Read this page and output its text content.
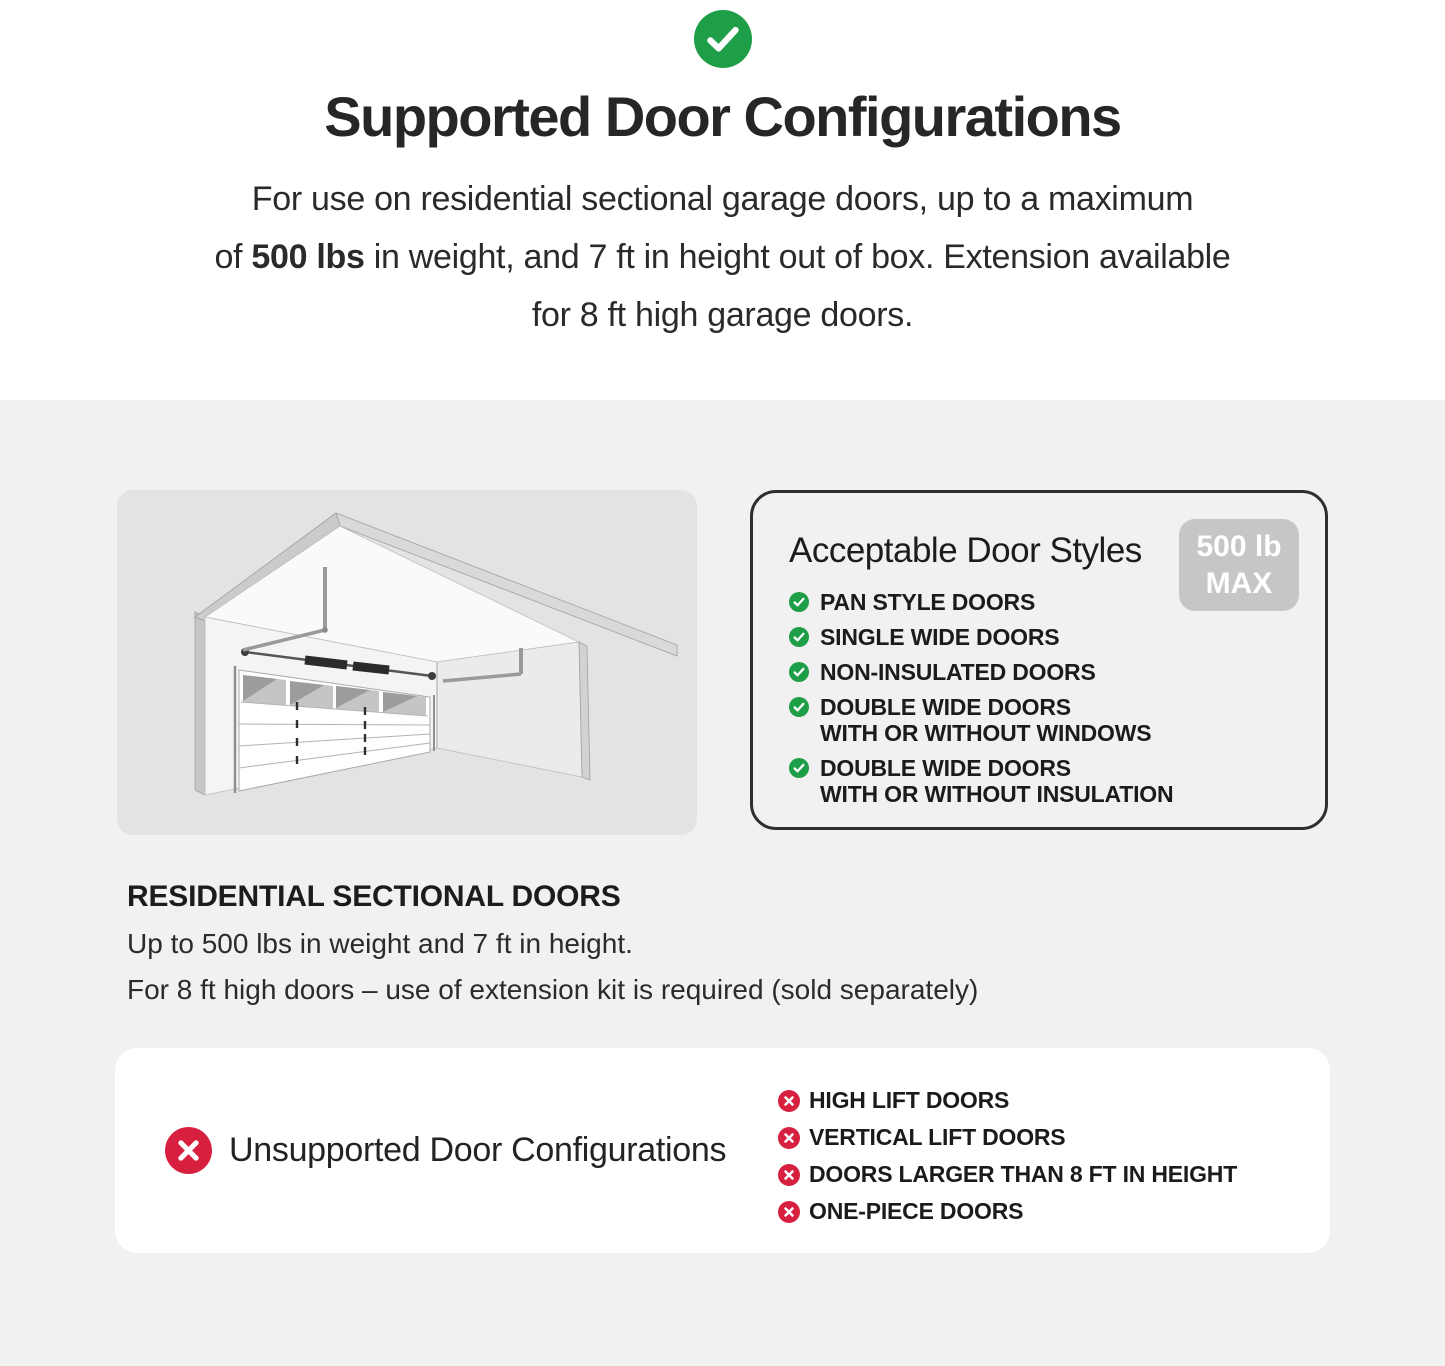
Supported Door Configurations
For use on residential sectional garage doors, up to a maximum
of 500 lbs in weight, and 7 ft in height out of box. Extension available
for 8 ft high garage doors.
Acceptable Door Styles 500 lb
MAX
PAN STYLE DOORS
SINGLE WIDE DOORS
NON-INSULATED DOORS
DOUBLE WIDE DOORS
WITH OR WITHOUT WINDOWS
DOUBLE WIDE DOORS
WITH OR WITHOUT INSULATION
RESIDENTIAL SECTIONAL DOORS

Up to 500 lbs in weight and 7 ft in height.

For 8 ft high doors – use of extension kit is required (sold separately)

Unsupported Door Configurations
HIGH LIFT DOORS
VERTICAL LIFT DOORS
DOORS LARGER THAN 8 FT IN HEIGHT
ONE-PIECE DOORS
